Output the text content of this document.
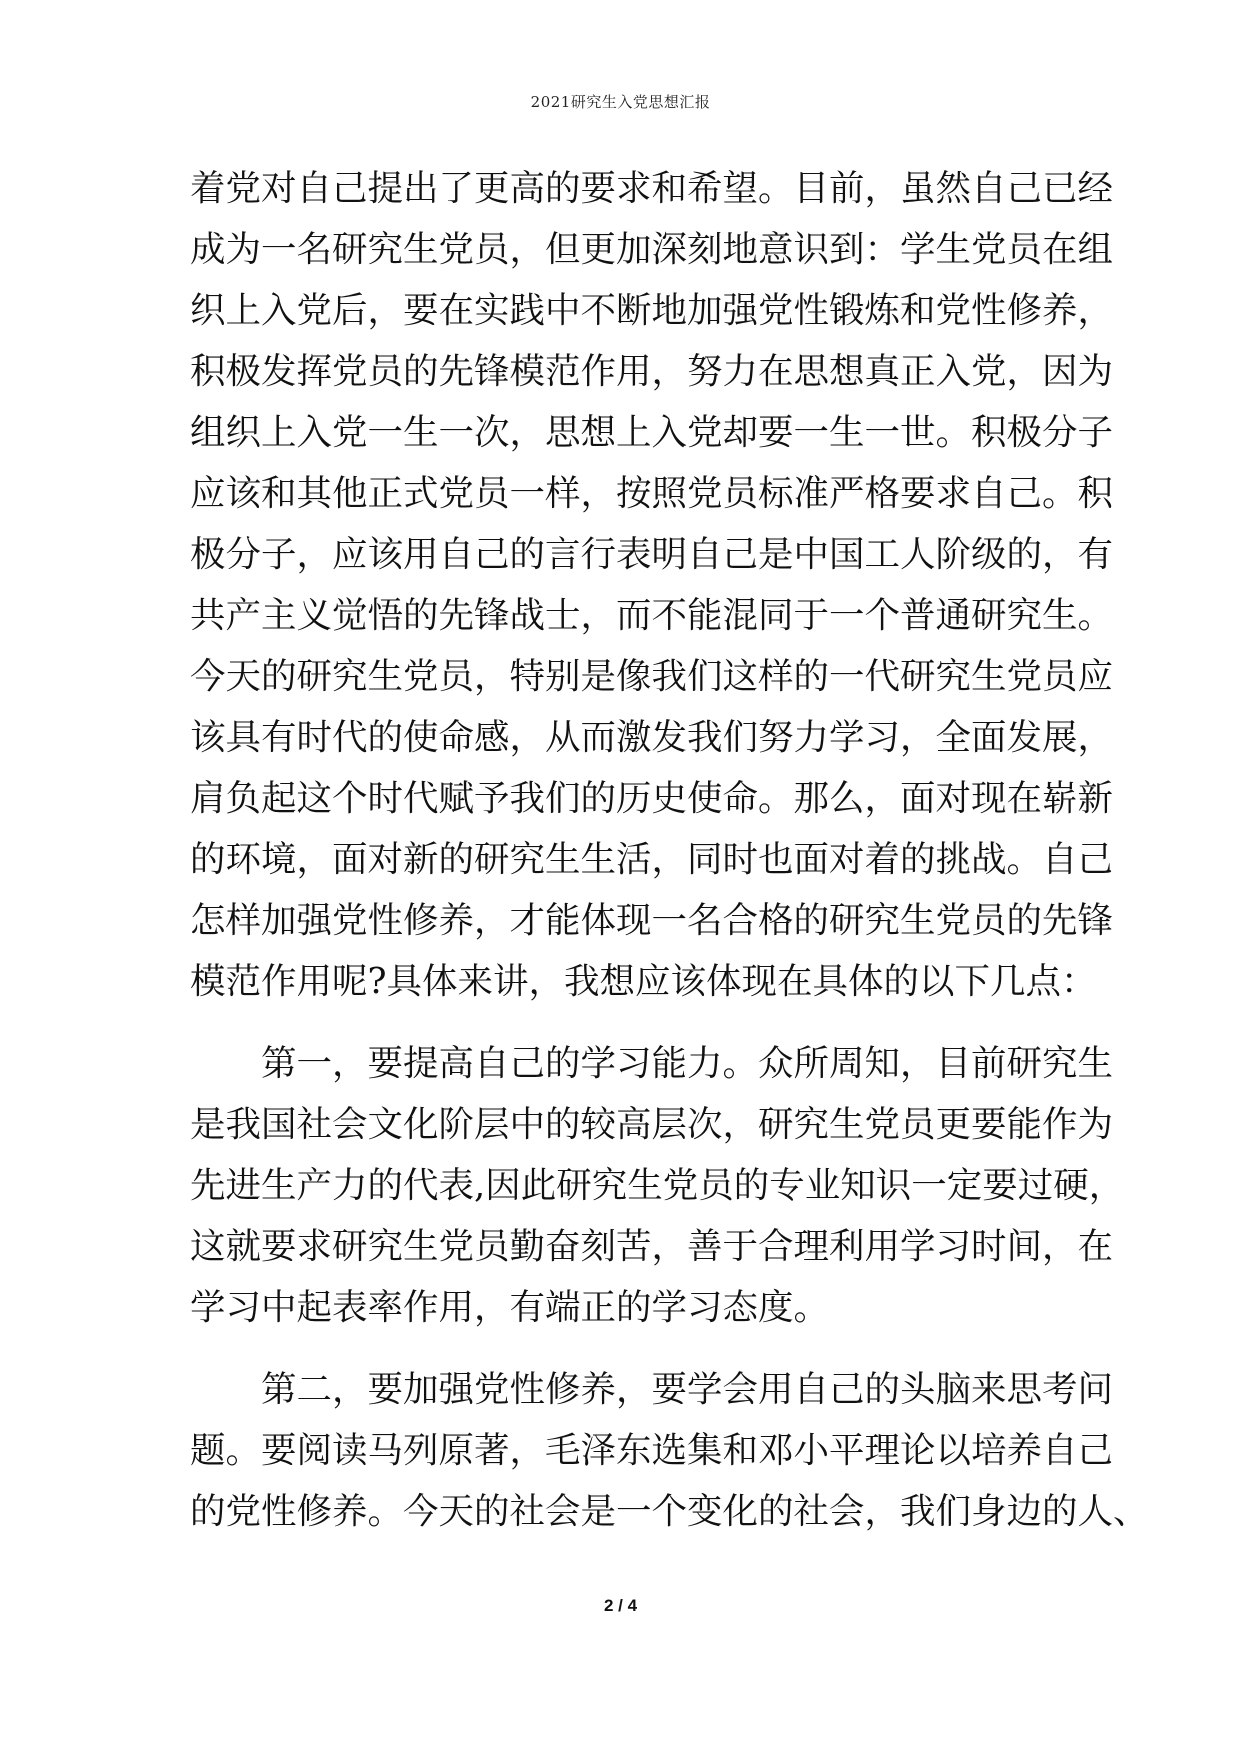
2021研究生入党思想汇报
着党对自己提出了更高的要求和希望。目前，虽然自己已经
成为一名研究生党员，但更加深刻地意识到：学生党员在组
织上入党后，要在实践中不断地加强党性锻炼和党性修养，
积极发挥党员的先锋模范作用，努力在思想真正入党，因为
组织上入党一生一次，思想上入党却要一生一世。积极分子
应该和其他正式党员一样，按照党员标准严格要求自己。积
极分子，应该用自己的言行表明自己是中国工人阶级的，有
共产主义觉悟的先锋战士，而不能混同于一个普通研究生。
今天的研究生党员，特别是像我们这样的一代研究生党员应
该具有时代的使命感，从而激发我们努力学习，全面发展，
肩负起这个时代赋予我们的历史使命。那么，面对现在崭新
的环境，面对新的研究生生活，同时也面对着的挑战。自己
怎样加强党性修养，才能体现一名合格的研究生党员的先锋
模范作用呢?具体来讲，我想应该体现在具体的以下几点：
第一，要提高自己的学习能力。众所周知，目前研究生
是我国社会文化阶层中的较高层次，研究生党员更要能作为
先进生产力的代表,因此研究生党员的专业知识一定要过硬，
这就要求研究生党员勤奋刻苦，善于合理利用学习时间，在
学习中起表率作用，有端正的学习态度。
第二，要加强党性修养，要学会用自己的头脑来思考问
题。要阅读马列原著，毛泽东选集和邓小平理论以培养自己
的党性修养。今天的社会是一个变化的社会，我们身边的人、
2 / 4
